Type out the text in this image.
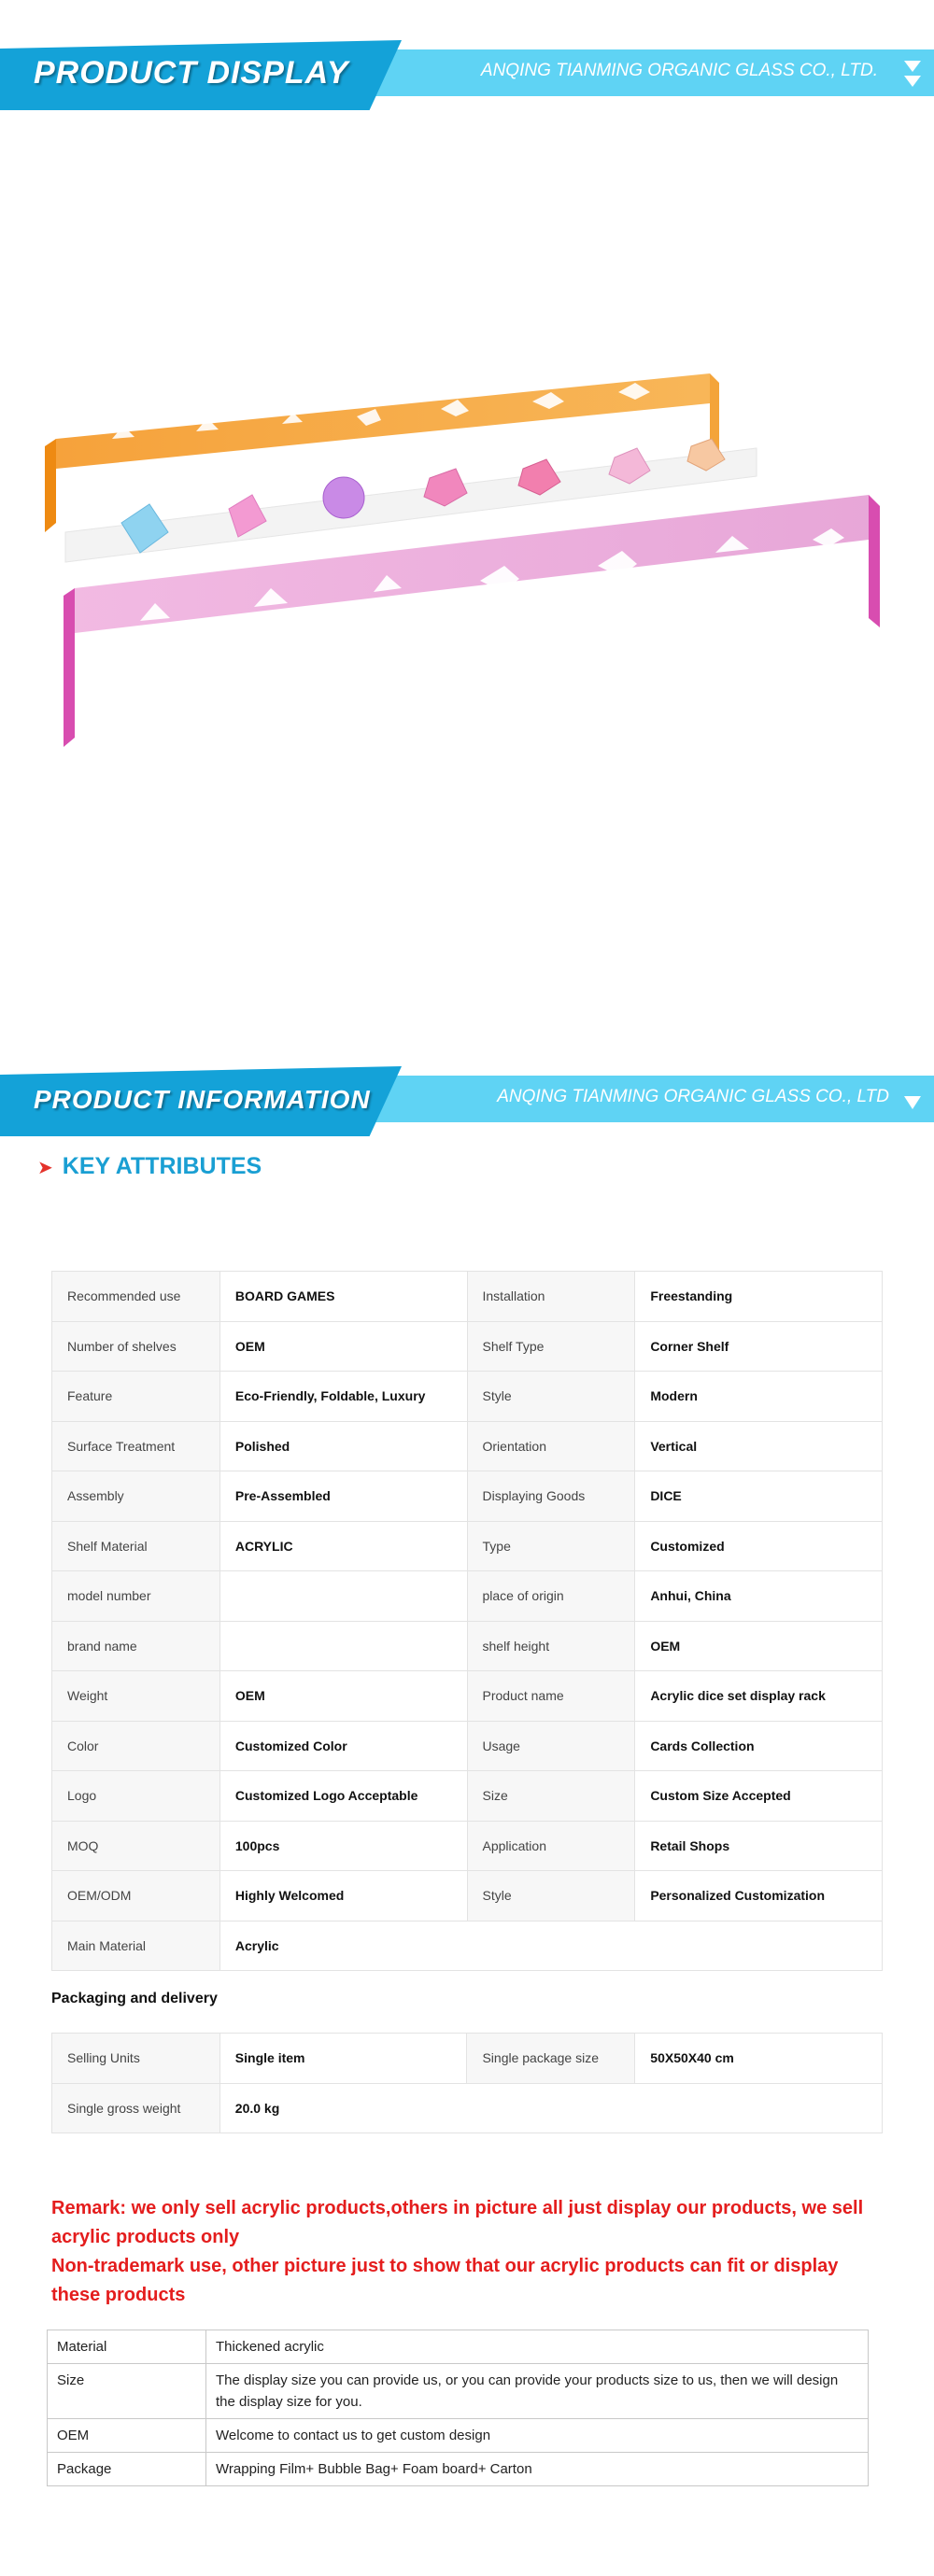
PRODUCT DISPLAY	ANQING TIANMING ORGANIC GLASS CO., LTD.
PRODUCT INFORMATION	ANQING TIANMING ORGANIC GLASS CO., LTD
➤ KEY ATTRIBUTES
Recommended use	BOARD GAMES	Installation	Freestanding
Number of shelves	OEM	Shelf Type	Corner Shelf
Feature	Eco-Friendly, Foldable, Luxury	Style	Modern
Surface Treatment	Polished	Orientation	Vertical
Assembly	Pre-Assembled	Displaying Goods	DICE
Shelf Material	ACRYLIC	Type	Customized
model number		place of origin	Anhui, China
brand name		shelf height	OEM
Weight	OEM	Product name	Acrylic dice set display rack
Color	Customized Color	Usage	Cards Collection
Logo	Customized Logo Acceptable	Size	Custom Size Accepted
MOQ	100pcs	Application	Retail Shops
OEM/ODM	Highly Welcomed	Style	Personalized Customization
Main Material	Acrylic		
Packaging and delivery
Selling Units	Single item	Single package size	50X50X40 cm
Single gross weight	20.0 kg		
Remark: we only sell acrylic products,others in picture all just display our products, we sell acrylic products only
Non-trademark use, other picture just to show that our acrylic products can fit or display these products
Material	Thickened acrylic
Size	The display size you can provide us, or you can provide your products size to us, then we will design the display size for you.
OEM	Welcome to contact us to get custom design
Package	Wrapping Film+ Bubble Bag+ Foam board+ Carton
